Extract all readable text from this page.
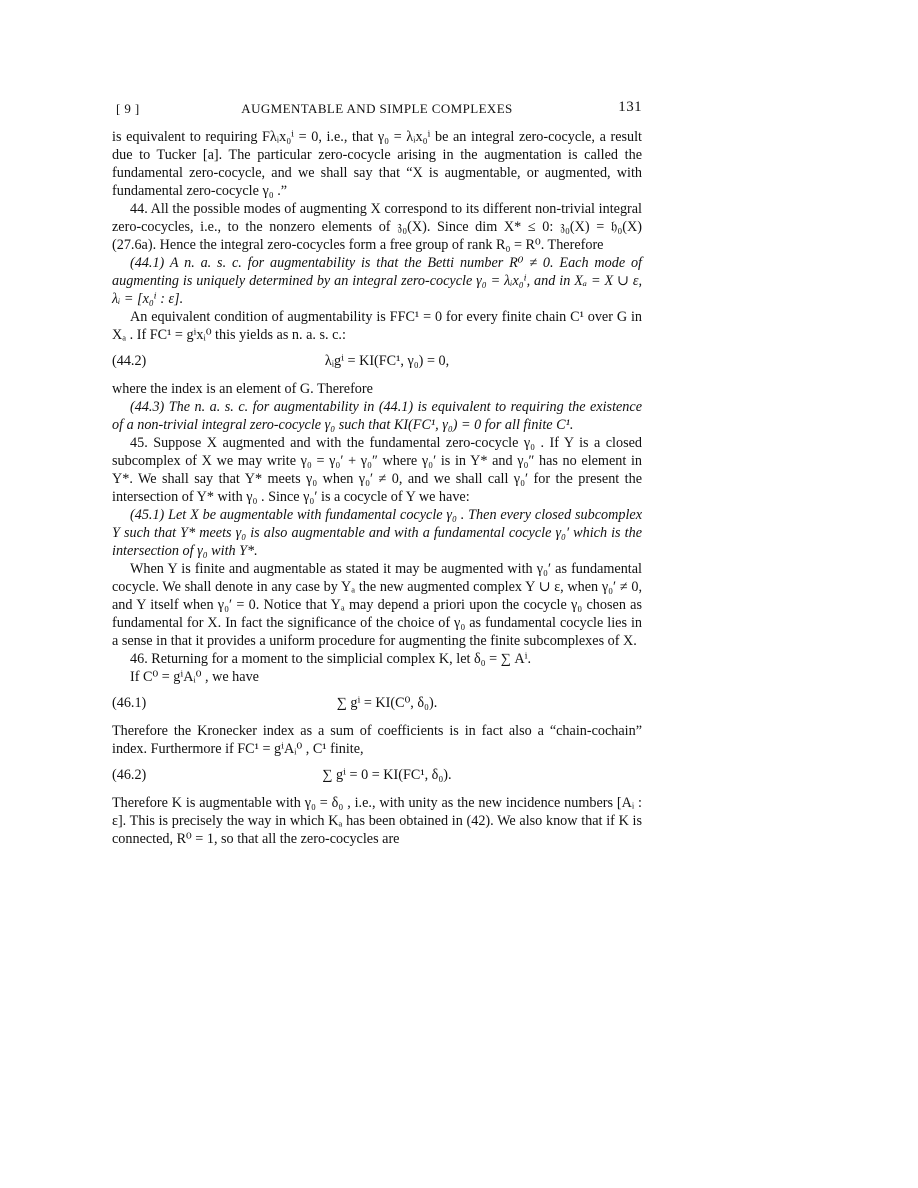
[ 9 ]	AUGMENTABLE AND SIMPLE COMPLEXES	131

is equivalent to requiring Fλᵢx₀ⁱ = 0, i.e., that γ₀ = λᵢx₀ⁱ be an integral zero-cocycle, a result due to Tucker [a]. The particular zero-cocycle arising in the augmentation is called the fundamental zero-cocycle, and we shall say that “X is augmentable, or augmented, with fundamental zero-cocycle γ₀ .”

44. All the possible modes of augmenting X correspond to its different non-trivial integral zero-cocycles, i.e., to the nonzero elements of 𝔷₀(X). Since dim X* ≤ 0: 𝔷₀(X) = 𝔥₀(X) (27.6a). Hence the integral zero-cocycles form a free group of rank R₀ = R⁰. Therefore

(44.1) A n. a. s. c. for augmentability is that the Betti number R⁰ ≠ 0. Each mode of augmenting is uniquely determined by an integral zero-cocycle γ₀ = λᵢx₀ⁱ, and in Xₐ = X ∪ ε, λᵢ = [x₀ⁱ : ε].

An equivalent condition of augmentability is FFC¹ = 0 for every finite chain C¹ over G in Xₐ . If FC¹ = gⁱxᵢ⁰ this yields as n. a. s. c.:

(44.2)	λᵢgⁱ = KI(FC¹, γ₀) = 0,

where the index is an element of G. Therefore

(44.3) The n. a. s. c. for augmentability in (44.1) is equivalent to requiring the existence of a non-trivial integral zero-cocycle γ₀ such that KI(FC¹, γ₀) = 0 for all finite C¹.

45. Suppose X augmented and with the fundamental zero-cocycle γ₀ . If Y is a closed subcomplex of X we may write γ₀ = γ₀′ + γ₀″ where γ₀′ is in Y* and γ₀″ has no element in Y*. We shall say that Y* meets γ₀ when γ₀′ ≠ 0, and we shall call γ₀′ for the present the intersection of Y* with γ₀ . Since γ₀′ is a cocycle of Y we have:

(45.1) Let X be augmentable with fundamental cocycle γ₀ . Then every closed subcomplex Y such that Y* meets γ₀ is also augmentable and with a fundamental cocycle γ₀′ which is the intersection of γ₀ with Y*.

When Y is finite and augmentable as stated it may be augmented with γ₀′ as fundamental cocycle. We shall denote in any case by Yₐ the new augmented complex Y ∪ ε, when γ₀′ ≠ 0, and Y itself when γ₀′ = 0. Notice that Yₐ may depend a priori upon the cocycle γ₀ chosen as fundamental for X. In fact the significance of the choice of γ₀ as fundamental cocycle lies in a sense in that it provides a uniform procedure for augmenting the finite subcomplexes of X.

46. Returning for a moment to the simplicial complex K, let δ₀ = ∑ Aⁱ.

If C⁰ = gⁱAᵢ⁰ , we have

(46.1)	∑ gⁱ = KI(C⁰, δ₀).

Therefore the Kronecker index as a sum of coefficients is in fact also a “chain-cochain” index. Furthermore if FC¹ = gⁱAᵢ⁰ , C¹ finite,

(46.2)	∑ gⁱ = 0 = KI(FC¹, δ₀).

Therefore K is augmentable with γ₀ = δ₀ , i.e., with unity as the new incidence numbers [Aᵢ : ε]. This is precisely the way in which Kₐ has been obtained in (42). We also know that if K is connected, R⁰ = 1, so that all the zero-cocycles are
